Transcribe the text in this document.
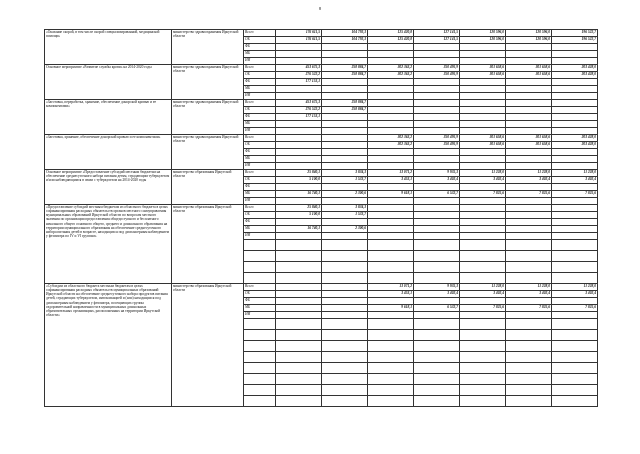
8
«Оказание скорой, в том числе скорой специализированной, медицинской помощи»	министерство здравоохранения Иркутской области	Всего	176 611,5	104 792,3	125 420,8	127 141,5	120 596,0	120 596,0	196 522,7
		ОБ	176 611,5	104 792,3	125 420,8	127 141,5	120 596,0	120 596,0	196 522,7
		ФБ							
		МБ							
		ИИ							
Основное мероприятие «Развитие службы крови» на 2014-2020 годы	министерство здравоохранения Иркутской области	Всего	453 675,3	258 884,7	302 363,2	350 495,9	301 658,6	301 658,6	203 428,0
		ОБ	276 522,2	258 884,7	302 363,2	350 495,9	301 658,6	301 658,6	203 428,0
		ФБ	177 153,1						
		МБ							
		ИИ							
«Заготовка, переработка, хранение, обеспечение донорской кровью и ее компонентами»	министерство здравоохранения Иркутской области	Всего	453 675,3	258 884,7					
		ОБ	276 522,2	258 884,7					
		ФБ	177 153,1						
		МБ							
		ИИ							
«Заготовка, хранение, обеспечение донорской кровью и ее компонентами»	министерство здравоохранения Иркутской области	Всего			302 363,2	350 495,9	301 658,6	301 658,6	203 428,0
		ОБ			302 363,2	350 495,9	301 658,6	301 658,6	203 428,0
		ФБ							
		МБ							
		ИИ							
Основное мероприятие «Предоставление субсидий местным бюджетам на обеспечение среднесуточного набора питания детям, страдающим туберкулезом и/или наблюдающимся в связи с туберкулезом на 2014-2020 годы	министерство образования Иркутской области	Всего	25 840,1	3 834,3	13 071,2	9 935,3	11 228,0	11 228,0	11 228,0
		ОБ	5 100,0	1 533,7	3 453,1	3 402,4	3 402,4	3 402,4	3 402,4
		ФБ							
		МБ	16 740,1	2 300,6	9 618,1	6 532,7	7 825,6	7 825,6	7 825,6
		ИИ							
«Предоставление субсидий местным бюджетам из областного бюджета в целях софинансирования расходных обязательств органов местного самоуправления муниципальных образований Иркутской области по вопросам местного значения по организации предоставления общедоступного и бесплатного начального общего основного общего, среднего и дошкольного образования на территории муниципального образования на обеспечение среднесуточного набора питания детей в возрасте, находящихся под диспансерным наблюдением у фтизиатра по IV и VI группам»	министерство образования Иркутской области	Всего	25 840,1	3 834,3					
		ОБ	5 100,0	1 533,7					
		ФБ							
		МБ	16 740,1	2 300,6					
		ИИ							

«Субсидии из областного бюджета местным бюджетам в целях софинансирования расходных обязательств муниципальных образований Иркутской области на обеспечение среднесуточного набора продуктов питания детей, страдающих туберкулезом, интоксикацией и (или) находящихся под диспансерным наблюдением у фтизиатра, посещающих группы оздоровительной направленности в муниципальных дошкольных образовательных организациях, расположенных на территории Иркутской области»	министерство образования Иркутской области	Всего			13 071,2	9 935,3	11 228,0	11 228,0	11 228,0
		ОБ			3 453,1	3 402,4	3 402,4	3 402,4	3 402,4
		ФБ							
		МБ			9 618,1	6 532,7	7 825,6	7 825,6	7 825,6
		ИИ							
